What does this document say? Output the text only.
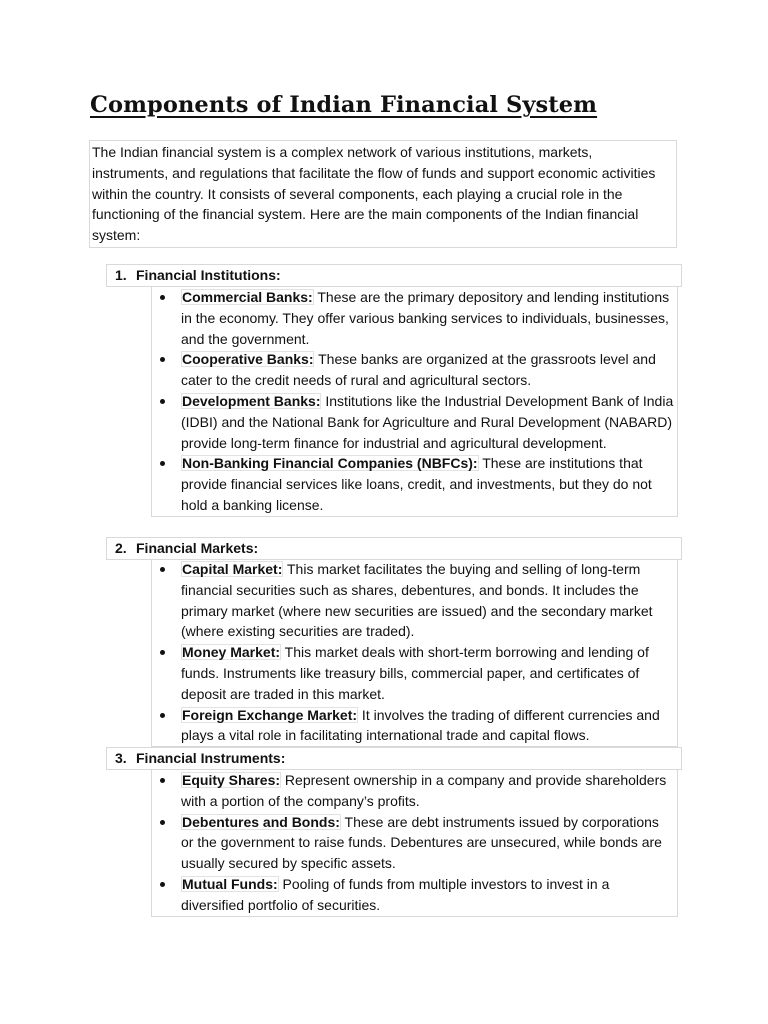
Components of Indian Financial System

The Indian financial system is a complex network of various institutions, markets, instruments, and regulations that facilitate the flow of funds and support economic activities within the country. It consists of several components, each playing a crucial role in the functioning of the financial system. Here are the main components of the Indian financial system:

1. Financial Institutions:
Commercial Banks: These are the primary depository and lending institutions in the economy. They offer various banking services to individuals, businesses, and the government.
Cooperative Banks: These banks are organized at the grassroots level and cater to the credit needs of rural and agricultural sectors.
Development Banks: Institutions like the Industrial Development Bank of India (IDBI) and the National Bank for Agriculture and Rural Development (NABARD) provide long-term finance for industrial and agricultural development.
Non-Banking Financial Companies (NBFCs): These are institutions that provide financial services like loans, credit, and investments, but they do not hold a banking license.
2. Financial Markets:
Capital Market: This market facilitates the buying and selling of long-term financial securities such as shares, debentures, and bonds. It includes the primary market (where new securities are issued) and the secondary market (where existing securities are traded).
Money Market: This market deals with short-term borrowing and lending of funds. Instruments like treasury bills, commercial paper, and certificates of deposit are traded in this market.
Foreign Exchange Market: It involves the trading of different currencies and plays a vital role in facilitating international trade and capital flows.
3. Financial Instruments:
Equity Shares: Represent ownership in a company and provide shareholders with a portion of the company’s profits.
Debentures and Bonds: These are debt instruments issued by corporations or the government to raise funds. Debentures are unsecured, while bonds are usually secured by specific assets.
Mutual Funds: Pooling of funds from multiple investors to invest in a diversified portfolio of securities.
